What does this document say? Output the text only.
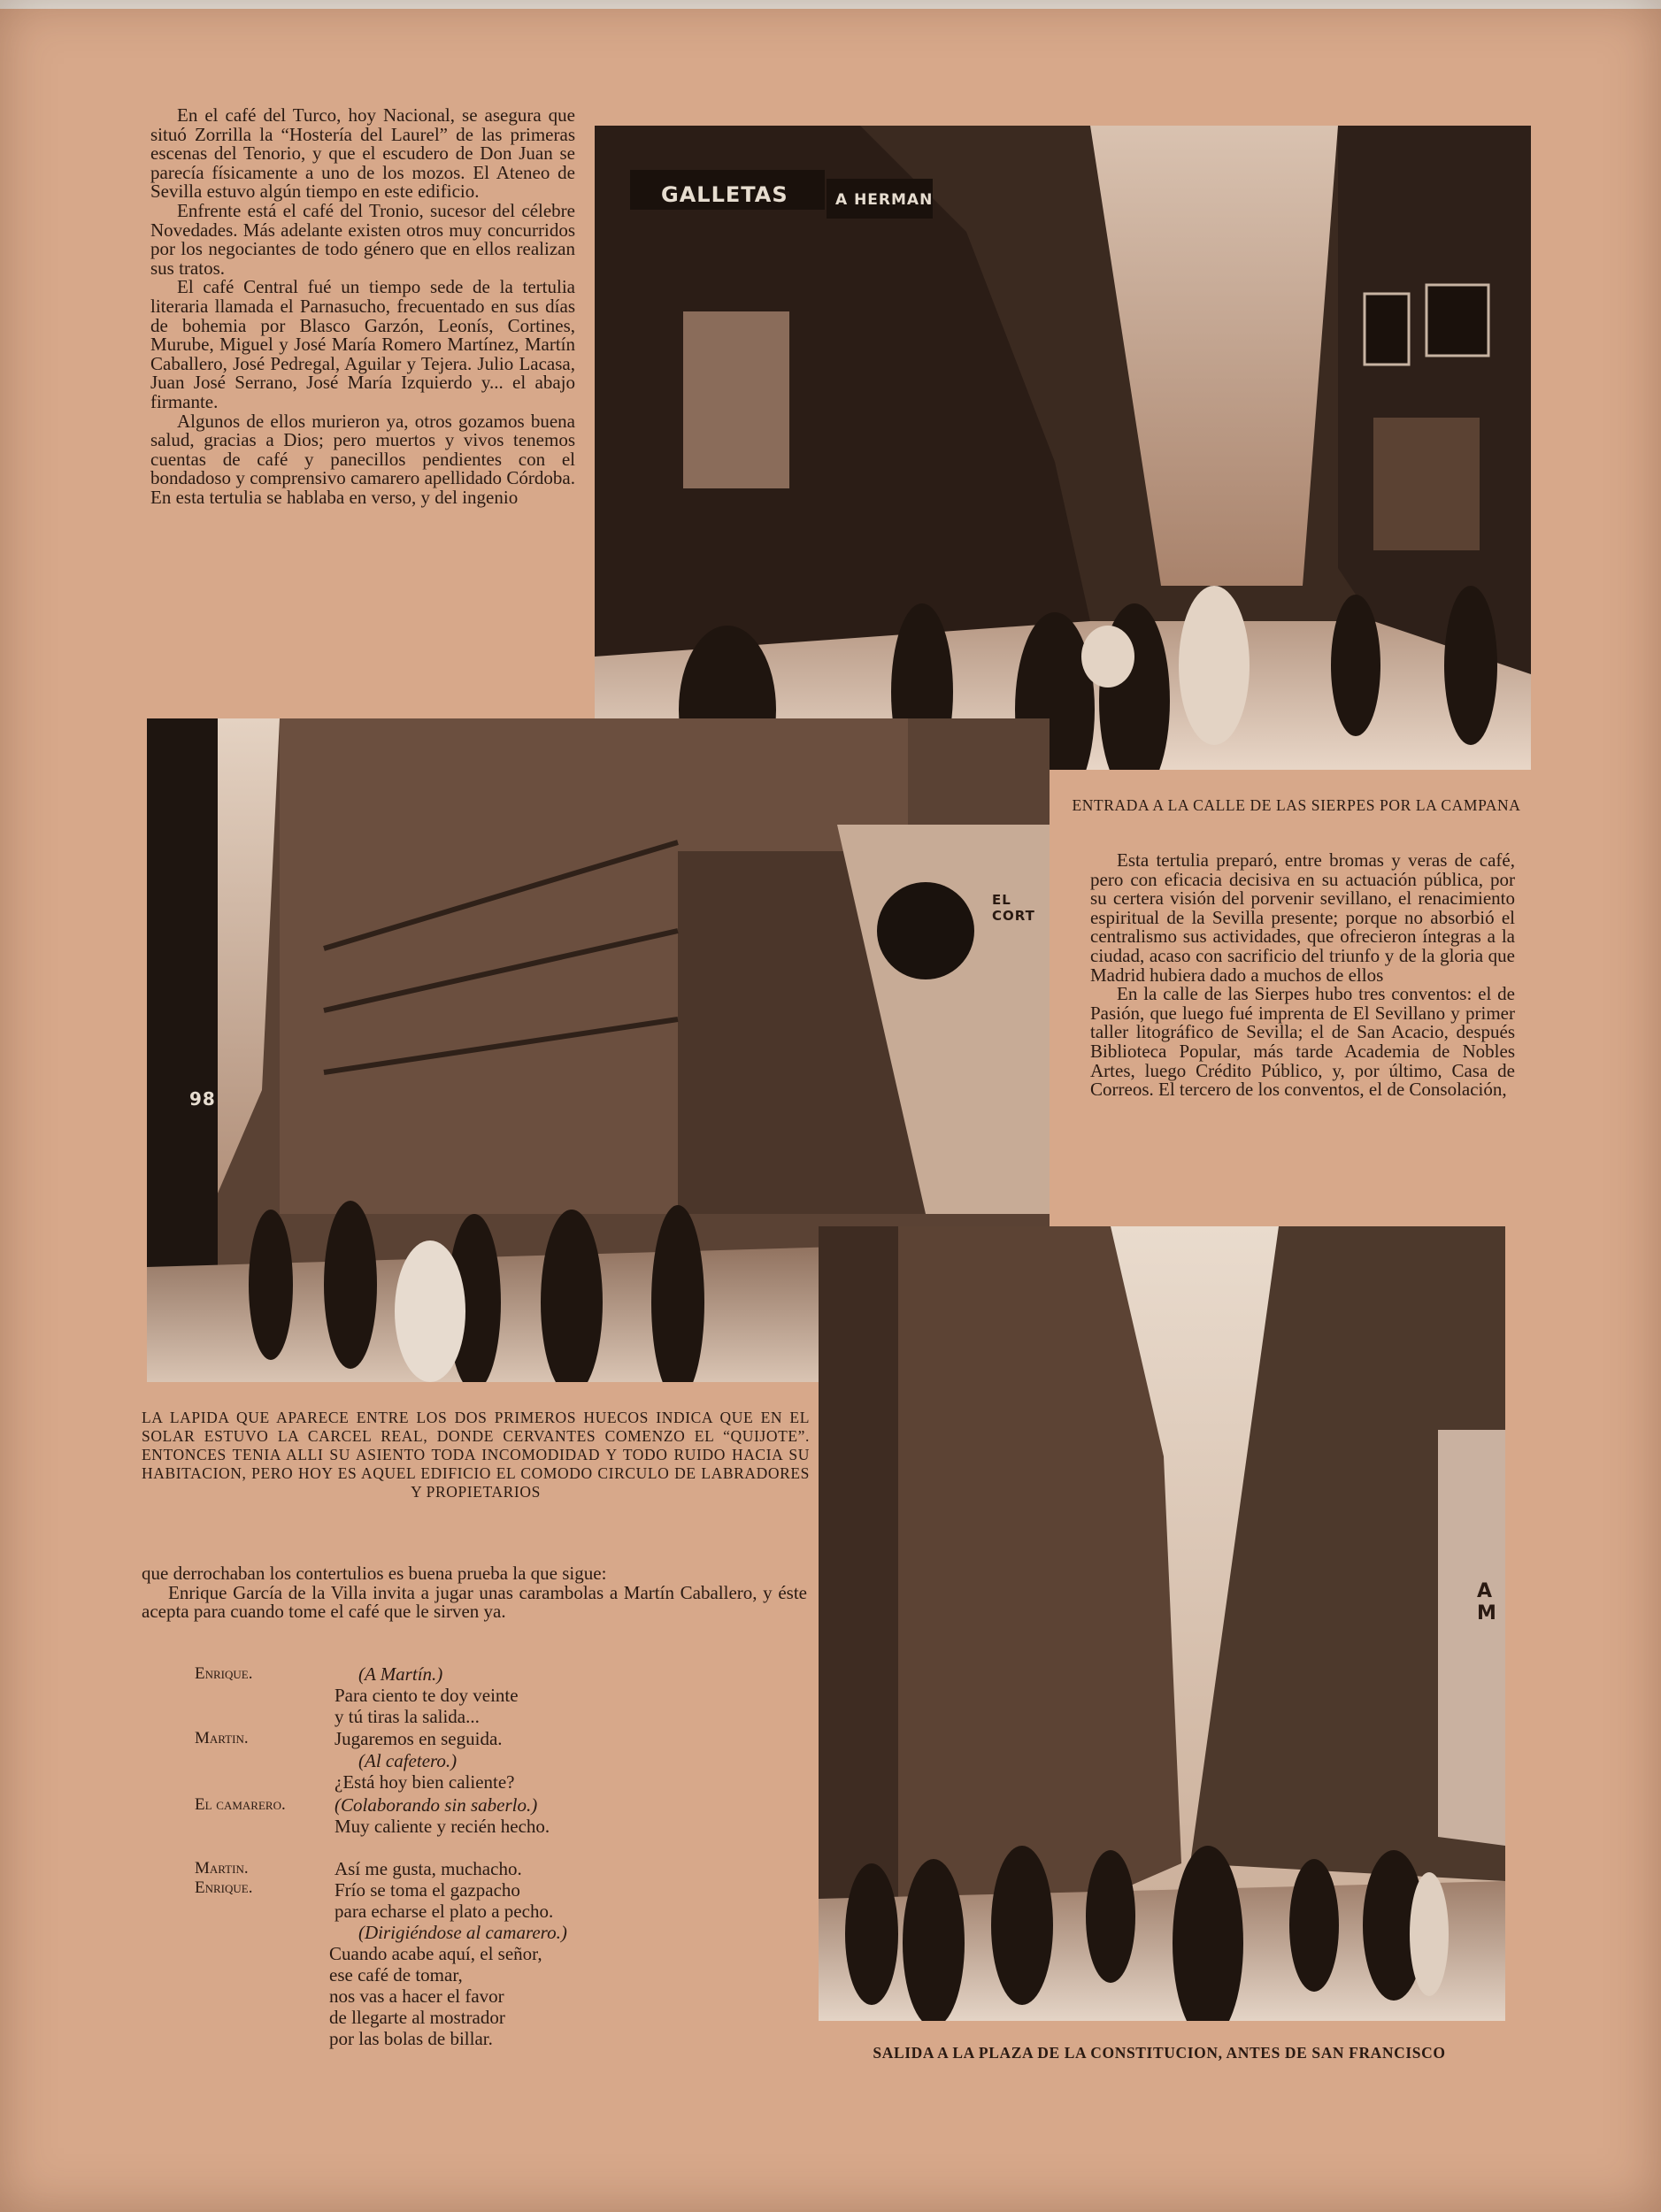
En el café del Turco, hoy Nacional, se asegura que situó Zorrilla la “Hostería del Laurel” de las primeras escenas del Tenorio, y que el escudero de Don Juan se parecía físicamente a uno de los mozos. El Ateneo de Sevilla estuvo algún tiempo en este edificio.

Enfrente está el café del Tronio, sucesor del célebre Novedades. Más adelante existen otros muy concurridos por los negociantes de todo género que en ellos realizan sus tratos.

El café Central fué un tiempo sede de la tertulia literaria llamada el Parnasucho, frecuentado en sus días de bohemia por Blasco Garzón, Leonís, Cortines, Murube, Miguel y José María Romero Martínez, Martín Caballero, José Pedregal, Aguilar y Tejera. Julio Lacasa, Juan José Serrano, José María Izquierdo y... el abajo firmante.

Algunos de ellos murieron ya, otros gozamos buena salud, gracias a Dios; pero muertos y vivos tenemos cuentas de café y panecillos pendientes con el bondadoso y comprensivo camarero apellidado Córdoba. En esta tertulia se hablaba en verso, y del ingenio

GALLETAS	A HERMAN
ENTRADA A LA CALLE DE LAS SIERPES POR LA CAMPANA

Esta tertulia preparó, entre bromas y veras de café, pero con eficacia decisiva en su actuación pública, por su certera visión del porvenir sevillano, el renacimiento espiritual de la Sevilla presente; porque no absorbió el centralismo sus actividades, que ofrecieron íntegras a la ciudad, acaso con sacrificio del triunfo y de la gloria que Madrid hubiera dado a muchos de ellos

En la calle de las Sierpes hubo tres conventos: el de Pasión, que luego fué imprenta de El Sevillano y primer taller litográfico de Sevilla; el de San Acacio, después Biblioteca Popular, más tarde Academia de Nobles Artes, luego Crédito Público, y, por último, Casa de Correos. El tercero de los conventos, el de Consolación,

98
EL CORT
LA LAPIDA QUE APARECE ENTRE LOS DOS PRIMEROS HUECOS INDICA QUE EN EL SOLAR ESTUVO LA CARCEL REAL, DONDE CERVANTES COMENZO EL “QUIJOTE”. ENTONCES TENIA ALLI SU ASIENTO TODA INCOMODIDAD Y TODO RUIDO HACIA SU HABITACION, PERO HOY ES AQUEL EDIFICIO EL COMODO CIRCULO DE LABRADORES Y PROPIETARIOS

que derrochaban los contertulios es buena prueba la que sigue:

Enrique García de la Villa invita a jugar unas carambolas a Martín Caballero, y éste acepta para cuando tome el café que le sirven ya.

Enrique.
Martin.
El camarero.
Martin.
Enrique.
(A Martín.)
Para ciento te doy veinte
y tú tiras la salida...
Jugaremos en seguida.
(Al cafetero.)
¿Está hoy bien caliente?
(Colaborando sin saberlo.)
Muy caliente y recién hecho.
Así me gusta, muchacho.
Frío se toma el gazpacho
para echarse el plato a pecho.
(Dirigiéndose al camarero.)
Cuando acabe aquí, el señor,
ese café de tomar,
nos vas a hacer el favor
de llegarte al mostrador
por las bolas de billar.
A M
SALIDA A LA PLAZA DE LA CONSTITUCION, ANTES DE SAN FRANCISCO
